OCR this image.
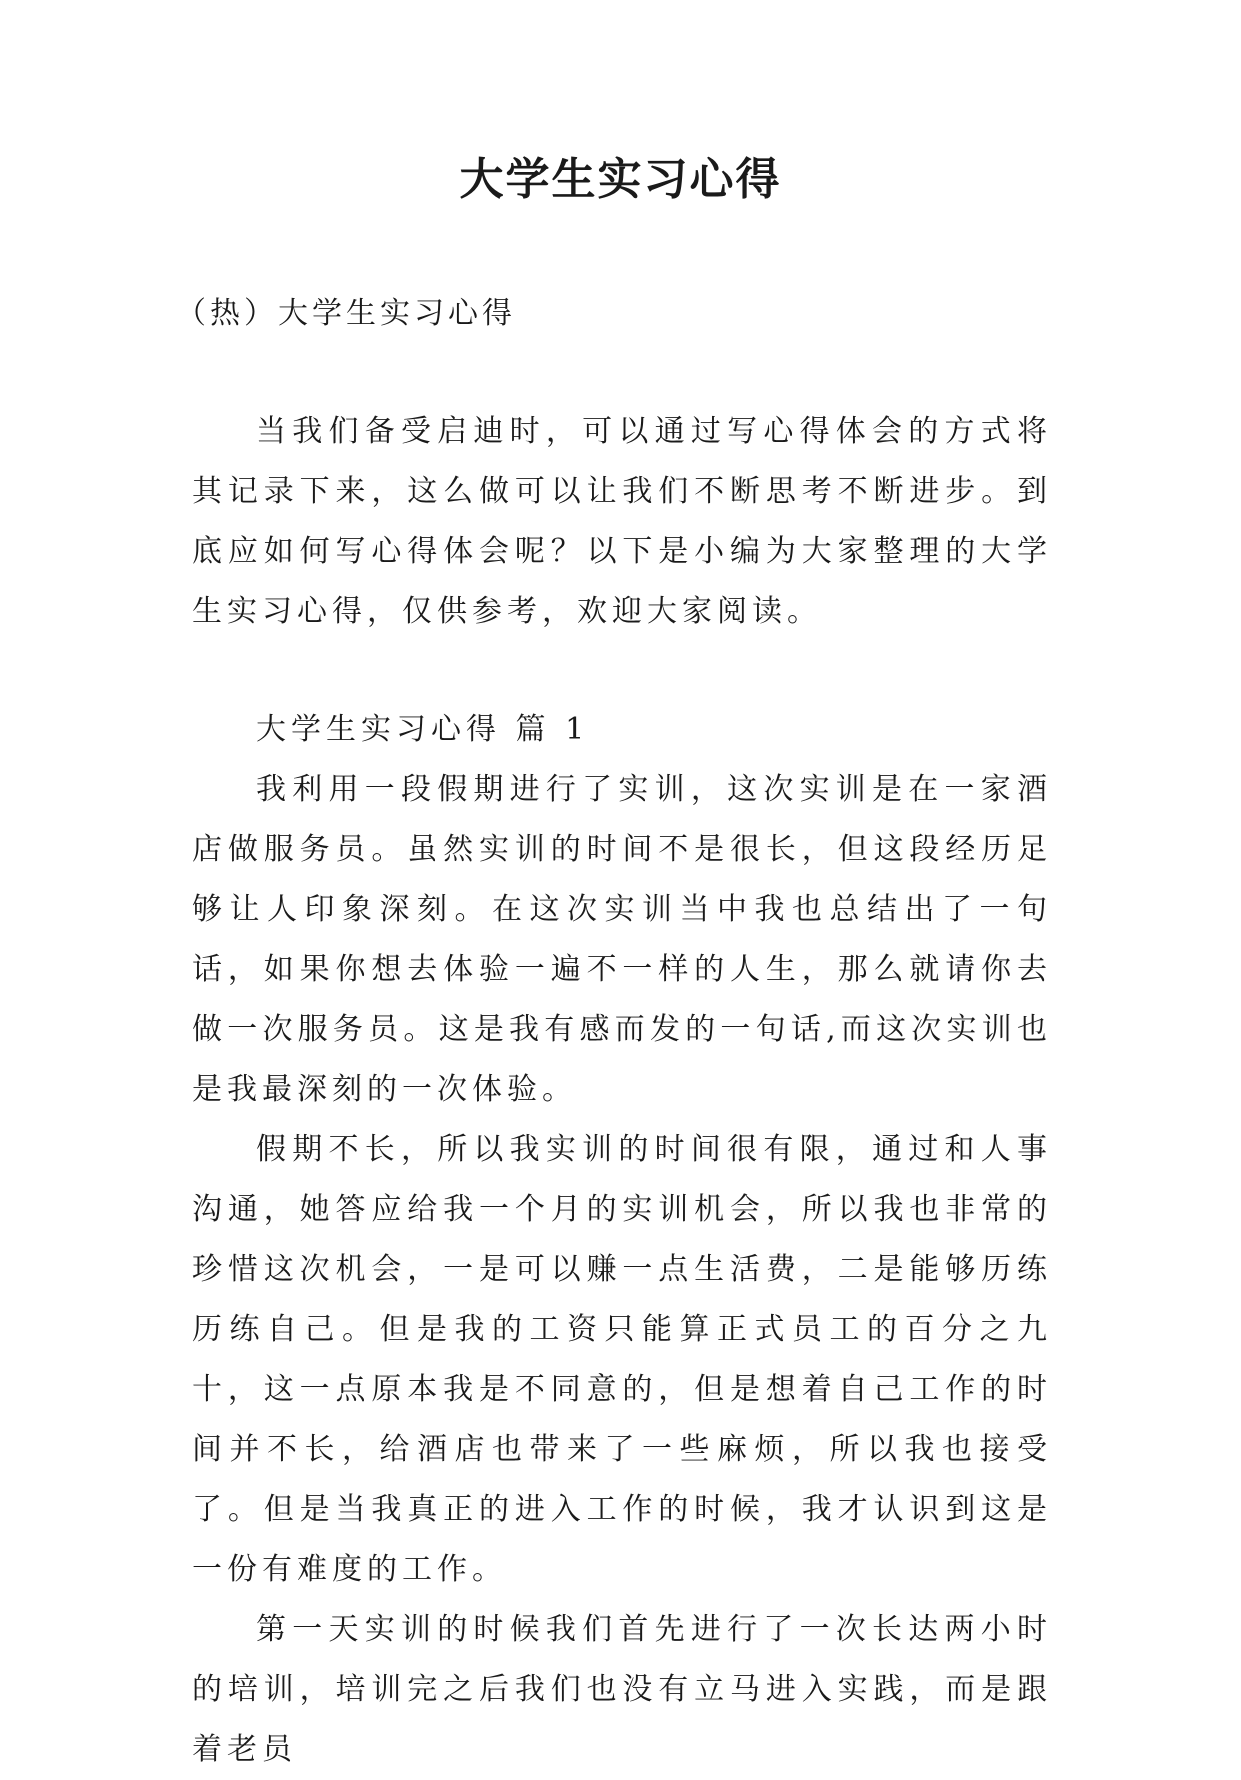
大学生实习心得
（热）大学生实习心得

当我们备受启迪时，可以通过写心得体会的方式将其记录下来，这么做可以让我们不断思考不断进步。到底应如何写心得体会呢？以下是小编为大家整理的大学生实习心得，仅供参考，欢迎大家阅读。

大学生实习心得 篇 1

我利用一段假期进行了实训，这次实训是在一家酒店做服务员。虽然实训的时间不是很长，但这段经历足够让人印象深刻。在这次实训当中我也总结出了一句话，如果你想去体验一遍不一样的人生，那么就请你去做一次服务员。这是我有感而发的一句话,而这次实训也是我最深刻的一次体验。

假期不长，所以我实训的时间很有限，通过和人事沟通，她答应给我一个月的实训机会，所以我也非常的珍惜这次机会，一是可以赚一点生活费，二是能够历练历练自己。但是我的工资只能算正式员工的百分之九十，这一点原本我是不同意的，但是想着自己工作的时间并不长，给酒店也带来了一些麻烦，所以我也接受了。但是当我真正的进入工作的时候，我才认识到这是一份有难度的工作。

第一天实训的时候我们首先进行了一次长达两小时的培训，培训完之后我们也没有立马进入实践，而是跟着老员
